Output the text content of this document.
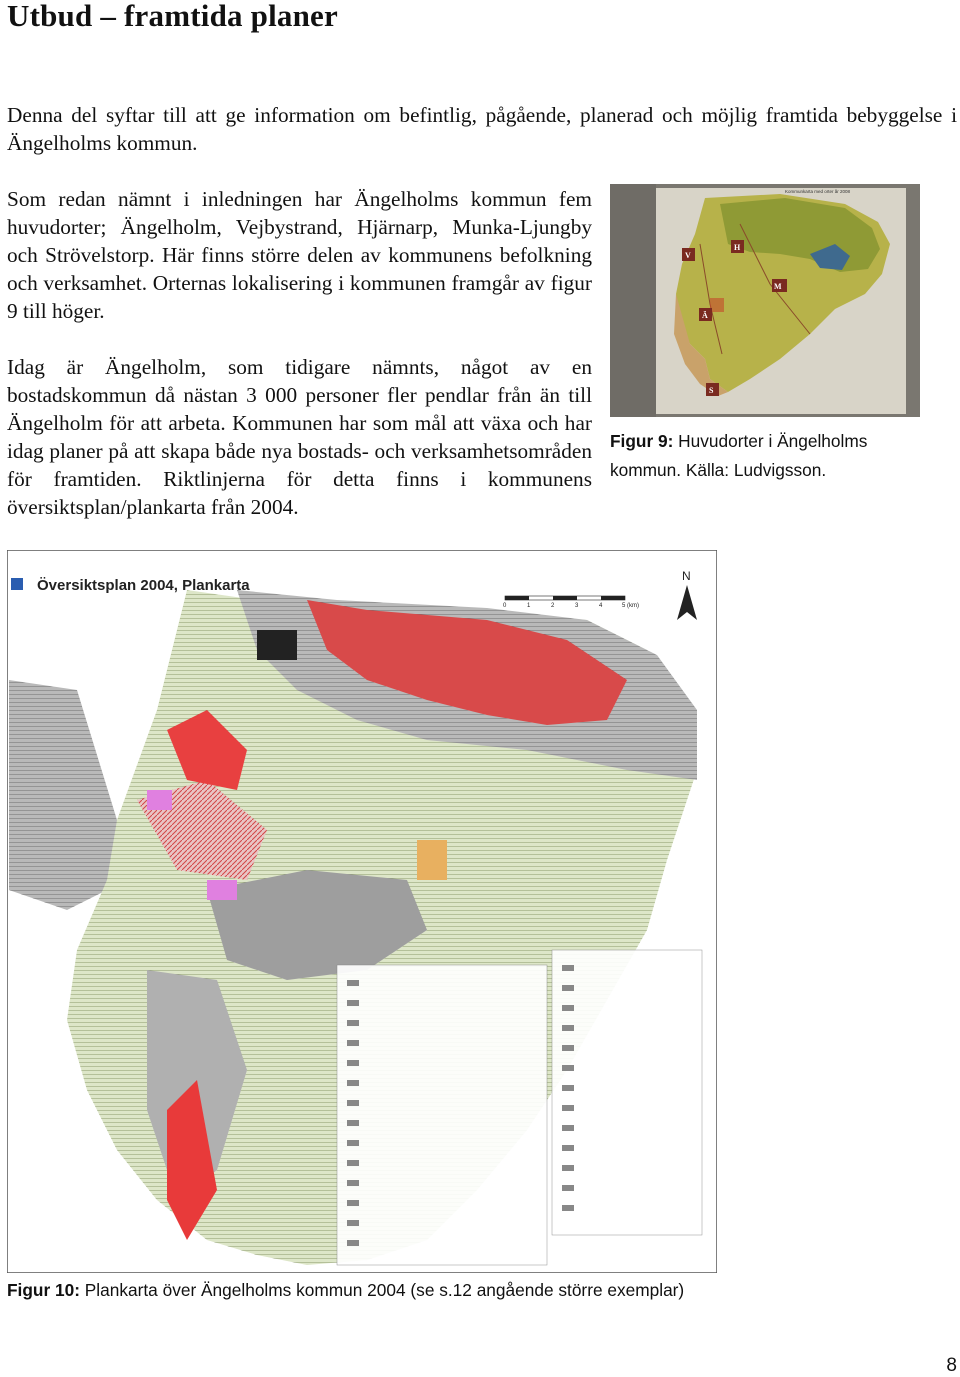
Utbud – framtida planer

Denna del syftar till att ge information om befintlig, pågående, planerad och möjlig framtida bebyggelse i Ängelholms kommun.

Som redan nämnt i inledningen har Ängelholms kommun fem huvudorter; Ängelholm, Vejbystrand, Hjärnarp, Munka-Ljungby och Strövelstorp. Här finns större delen av kommunens befolkning och verksamhet. Orternas lokalisering i kommunen framgår av figur 9 till höger.

Idag är Ängelholm, som tidigare nämnts, något av en bostadskommun då nästan 3 000 personer fler pendlar från än till Ängelholm för att arbeta. Kommunen har som mål att växa och har idag planer på att skapa både nya bostads- och verksamhetsområden för framtiden. Riktlinjerna för detta finns i kommunens översiktsplan/plankarta från 2004.

Kommunkarta med orter år 2008
V
H
M
Ä
S

Figur 9: Huvudorter i Ängelholms kommun. Källa: Ludvigsson.

Översiktsplan 2004, Plankarta
0	1	2	3	4	5 (km)
N

Figur 10: Plankarta över Ängelholms kommun 2004 (se s.12 angående större exemplar)

8
